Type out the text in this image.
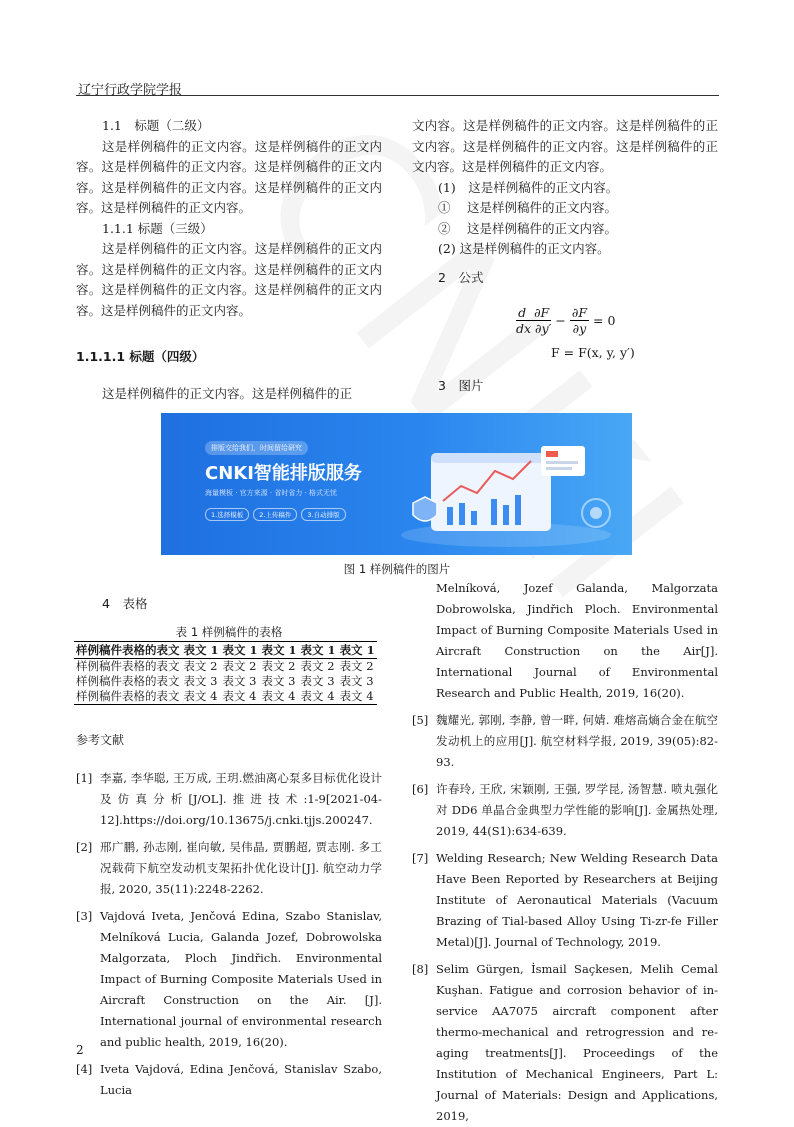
辽宁行政学院学报
1.1　标题（二级）

这是样例稿件的正文内容。这是样例稿件的正文内容。这是样例稿件的正文内容。这是样例稿件的正文内容。这是样例稿件的正文内容。这是样例稿件的正文内容。这是样例稿件的正文内容。

1.1.1 标题（三级）

这是样例稿件的正文内容。这是样例稿件的正文内容。这是样例稿件的正文内容。这是样例稿件的正文内容。这是样例稿件的正文内容。这是样例稿件的正文内容。这是样例稿件的正文内容。

1.1.1.1 标题（四级）

这是样例稿件的正文内容。这是样例稿件的正

文内容。这是样例稿件的正文内容。这是样例稿件的正文内容。这是样例稿件的正文内容。这是样例稿件的正文内容。这是样例稿件的正文内容。

(1)　这是样例稿件的正文内容。
①　 这是样例稿件的正文内容。
②　 这是样例稿件的正文内容。
(2) 这是样例稿件的正文内容。
2　公式
d  ∂F
dx ∂y′
− $\frac{\partial F}{\partial y} = 0$
F = F(x, y, y′)
3　图片
排版交给我们，时间留给研究
CNKI智能排版服务
海量模板 · 官方来源 · 省时省力 · 格式无忧
1.选择模板	2.上传稿件	3.自动排版
图 1 样例稿件的图片
4　表格
表 1 样例稿件的表格
样例稿件表格的表文	表文 1	表文 1	表文 1	表文 1	表文 1
样例稿件表格的表文	表文 2	表文 2	表文 2	表文 2	表文 2
样例稿件表格的表文	表文 3	表文 3	表文 3	表文 3	表文 3
样例稿件表格的表文	表文 4	表文 4	表文 4	表文 4	表文 4
参考文献
[1] 李嘉, 李华聪, 王万成, 王玥.燃油离心泵多目标优化设计及仿真分析[J/OL].推进技术:1-9[2021-04-12].https://doi.org/10.13675/j.cnki.tjjs.200247.
[2] 邢广鹏, 孙志刚, 崔向敏, 吴伟晶, 贾鹏超, 贾志刚. 多工况载荷下航空发动机支架拓扑优化设计[J]. 航空动力学报, 2020, 35(11):2248-2262.
[3] Vajdová Iveta, Jenčová Edina, Szabo Stanislav, Melníková Lucia, Galanda Jozef, Dobrowolska Malgorzata, Ploch Jindřich. Environmental Impact of Burning Composite Materials Used in Aircraft Construction on the Air. [J]. International journal of environmental research and public health, 2019, 16(20).
[4] Iveta Vajdová, Edina Jenčová, Stanislav Szabo, Lucia
Melníková, Jozef Galanda, Malgorzata Dobrowolska, Jindřich Ploch. Environmental Impact of Burning Composite Materials Used in Aircraft Construction on the Air[J]. International Journal of Environmental Research and Public Health, 2019, 16(20).
[5] 魏耀光, 郭刚, 李静, 曾一畔, 何婧. 难熔高熵合金在航空发动机上的应用[J]. 航空材料学报, 2019, 39(05):82-93.
[6] 许春玲, 王欣, 宋颖刚, 王强, 罗学昆, 汤智慧. 喷丸强化对 DD6 单晶合金典型力学性能的影响[J]. 金属热处理, 2019, 44(S1):634-639.
[7] Welding Research; New Welding Research Data Have Been Reported by Researchers at Beijing Institute of Aeronautical Materials (Vacuum Brazing of Tial-based Alloy Using Ti-zr-fe Filler Metal)[J]. Journal of Technology, 2019.
[8] Selim Gürgen, İsmail Saçkesen, Melih Cemal Kuşhan. Fatigue and corrosion behavior of in-service AA7075 aircraft component after thermo-mechanical and retrogression and re-aging treatments[J]. Proceedings of the Institution of Mechanical Engineers, Part L: Journal of Materials: Design and Applications, 2019,
2
